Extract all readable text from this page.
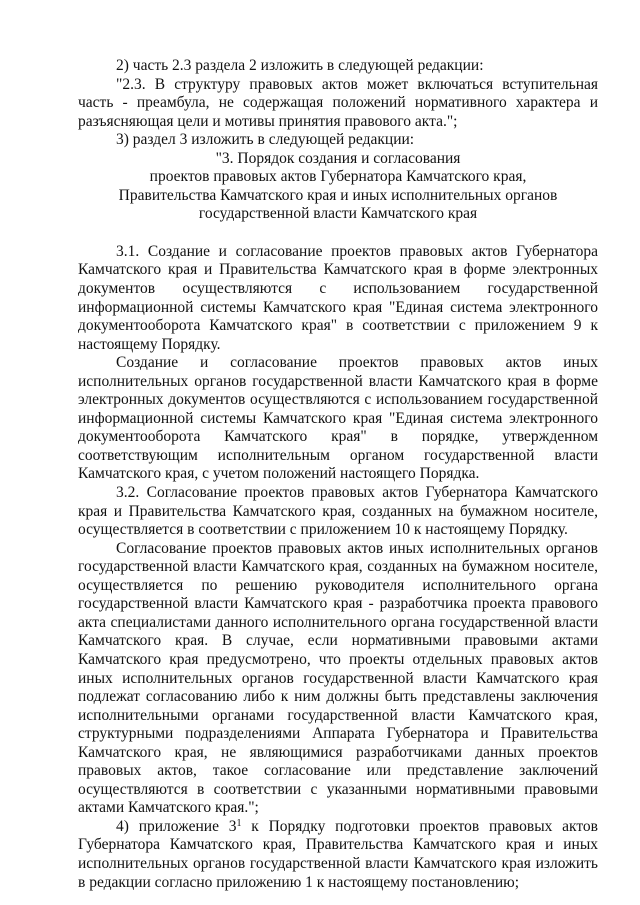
2) часть 2.3 раздела 2 изложить в следующей редакции:

"2.3. В структуру правовых актов может включаться вступительная часть - преамбула, не содержащая положений нормативного характера и разъясняющая цели и мотивы принятия правового акта.";

3) раздел 3 изложить в следующей редакции:

"3. Порядок создания и согласования

проектов правовых актов Губернатора Камчатского края,

Правительства Камчатского края и иных исполнительных органов

государственной власти Камчатского края

3.1. Создание и согласование проектов правовых актов Губернатора Камчатского края и Правительства Камчатского края в форме электронных документов осуществляются с использованием государственной информационной системы Камчатского края "Единая система электронного документооборота Камчатского края" в соответствии с приложением 9 к настоящему Порядку.

Создание и согласование проектов правовых актов иных исполнительных органов государственной власти Камчатского края в форме электронных документов осуществляются с использованием государственной информационной системы Камчатского края "Единая система электронного документооборота Камчатского края" в порядке, утвержденном соответствующим исполнительным органом государственной власти Камчатского края, с учетом положений настоящего Порядка.

3.2. Согласование проектов правовых актов Губернатора Камчатского края и Правительства Камчатского края, созданных на бумажном носителе, осуществляется в соответствии с приложением 10 к настоящему Порядку.

Согласование проектов правовых актов иных исполнительных органов государственной власти Камчатского края, созданных на бумажном носителе, осуществляется по решению руководителя исполнительного органа государственной власти Камчатского края - разработчика проекта правового акта специалистами данного исполнительного органа государственной власти Камчатского края. В случае, если нормативными правовыми актами Камчатского края предусмотрено, что проекты отдельных правовых актов иных исполнительных органов государственной власти Камчатского края подлежат согласованию либо к ним должны быть представлены заключения исполнительными органами государственной власти Камчатского края, структурными подразделениями Аппарата Губернатора и Правительства Камчатского края, не являющимися разработчиками данных проектов правовых актов, такое согласование или представление заключений осуществляются в соответствии с указанными нормативными правовыми актами Камчатского края.";

4) приложение $3^1$ к Порядку подготовки проектов правовых актов Губернатора Камчатского края, Правительства Камчатского края и иных исполнительных органов государственной власти Камчатского края изложить в редакции согласно приложению 1 к настоящему постановлению;
